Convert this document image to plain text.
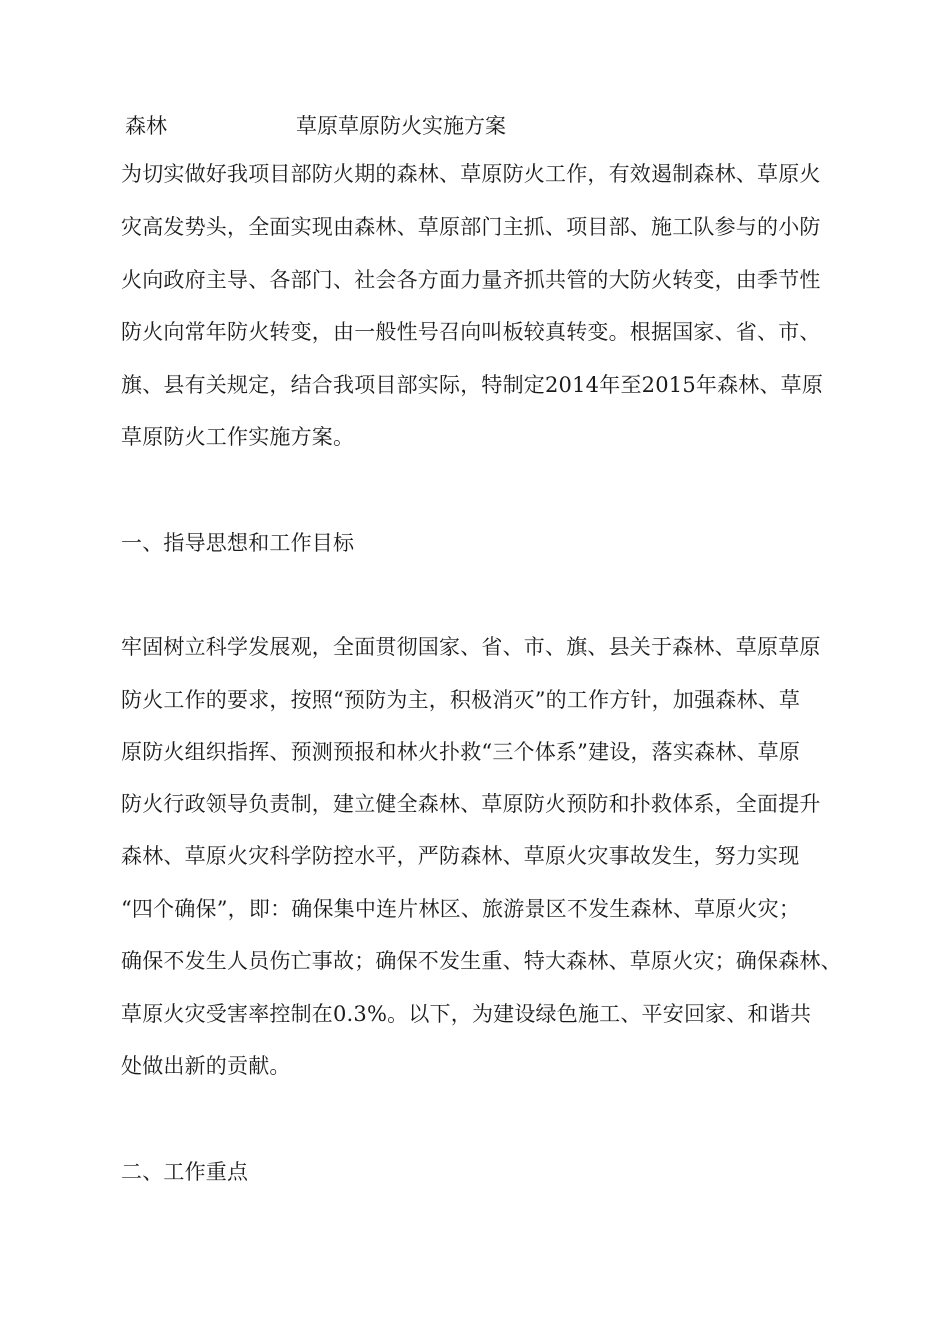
森林	草原草原防火实施方案
为切实做好我项目部防火期的森林、草原防火工作，有效遏制森林、草原火
灾高发势头，全面实现由森林、草原部门主抓、项目部、施工队参与的小防
火向政府主导、各部门、社会各方面力量齐抓共管的大防火转变，由季节性
防火向常年防火转变，由一般性号召向叫板较真转变。根据国家、省、市、
旗、县有关规定，结合我项目部实际，特制定2014年至2015年森林、草原
草原防火工作实施方案。
一、指导思想和工作目标
牢固树立科学发展观，全面贯彻国家、省、市、旗、县关于森林、草原草原
防火工作的要求，按照“预防为主，积极消灭”的工作方针，加强森林、草
原防火组织指挥、预测预报和林火扑救“三个体系”建设，落实森林、草原
防火行政领导负责制，建立健全森林、草原防火预防和扑救体系，全面提升
森林、草原火灾科学防控水平，严防森林、草原火灾事故发生，努力实现
“四个确保”，即：确保集中连片林区、旅游景区不发生森林、草原火灾；
确保不发生人员伤亡事故；确保不发生重、特大森林、草原火灾；确保森林、
草原火灾受害率控制在0.3%。以下，为建设绿色施工、平安回家、和谐共
处做出新的贡献。
二、工作重点
